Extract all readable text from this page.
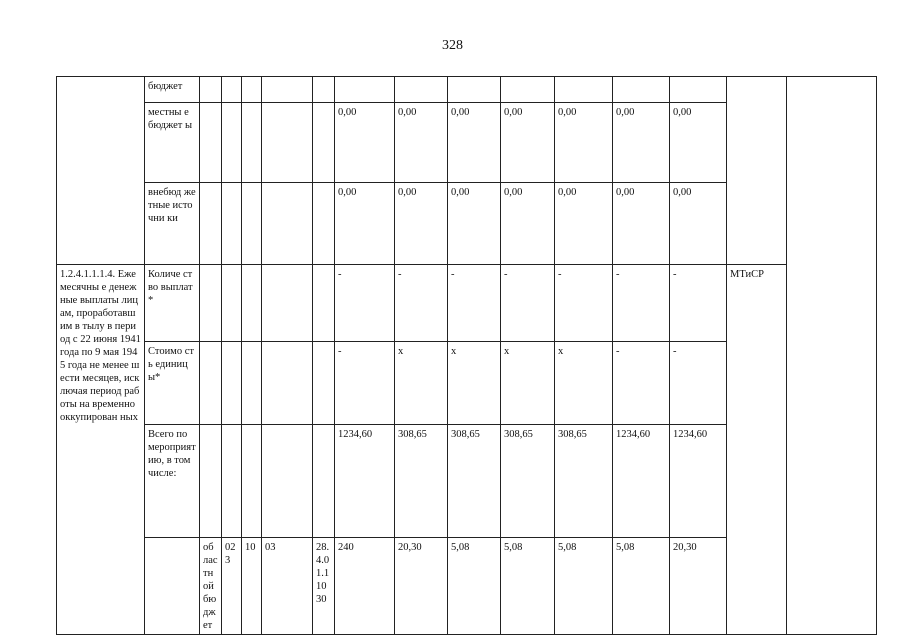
328
	бюджет															
	местны е бюджет ы						0,00	0,00	0,00	0,00	0,00	0,00	0,00			
	внебюд жетные источни ки						0,00	0,00	0,00	0,00	0,00	0,00	0,00			
1.2.4.1.1.1.4. Ежемесячны е денежные выплаты лицам, проработавш им в тылу в период с 22 июня 1941 года по 9 мая 1945 года не менее шести месяцев, исключая период работы на временно оккупирован ных	Количе ство выплат *						-	-	-	-	-	-	-	МТиСР		
	Стоимо сть единиц ы*						-	x	x	x	x	-	-			
	Всего по мероприятию, в том числе:						1234,60	308,65	308,65	308,65	308,65	1234,60	1234,60			
		областной бюджет	023	10	03	28.4.01.11030	240	20,30	5,08	5,08	5,08	5,08	20,30		
